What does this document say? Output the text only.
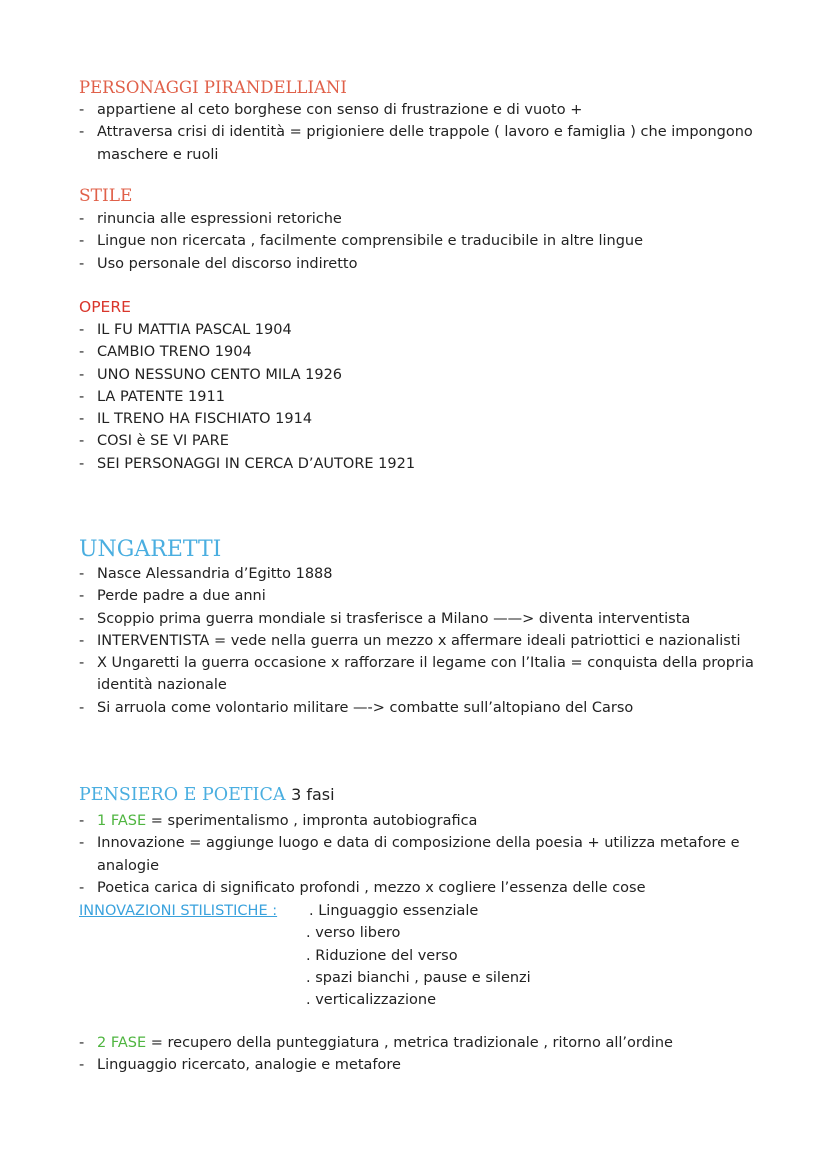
PERSONAGGI PIRANDELLIANI
- appartiene al ceto borghese con senso di frustrazione e di vuoto +
- Attraversa crisi di identità = prigioniere delle trappole ( lavoro e famiglia ) che impongono maschere e ruoli
STILE
- rinuncia alle espressioni retoriche
- Lingue non ricercata , facilmente comprensibile e traducibile in altre lingue
- Uso personale del discorso indiretto
OPERE
- IL FU MATTIA PASCAL 1904
- CAMBIO TRENO 1904
- UNO NESSUNO CENTO MILA 1926
- LA PATENTE 1911
- IL TRENO HA FISCHIATO 1914
- COSI è SE VI PARE
- SEI PERSONAGGI IN CERCA D’AUTORE 1921
UNGARETTI
- Nasce Alessandria d’Egitto 1888
- Perde padre a due anni
- Scoppio prima guerra mondiale si trasferisce a Milano ——> diventa interventista
- INTERVENTISTA = vede nella guerra un mezzo x affermare ideali patriottici e nazionalisti
- X Ungaretti la guerra occasione x rafforzare il legame con l’Italia = conquista della propria identità nazionale
- Si arruola come volontario militare —-> combatte sull’altopiano del Carso
PENSIERO E POETICA 3 fasi
- 1 FASE = sperimentalismo , impronta autobiografica
- Innovazione = aggiunge luogo e data di composizione della poesia + utilizza metafore e analogie
- Poetica carica di significato profondi , mezzo x cogliere l’essenza delle cose
INNOVAZIONI STILISTICHE : . Linguaggio essenziale
. verso libero
. Riduzione del verso
. spazi bianchi , pause e silenzi
. verticalizzazione
- 2 FASE = recupero della punteggiatura , metrica tradizionale , ritorno all’ordine
- Linguaggio ricercato, analogie e metafore
